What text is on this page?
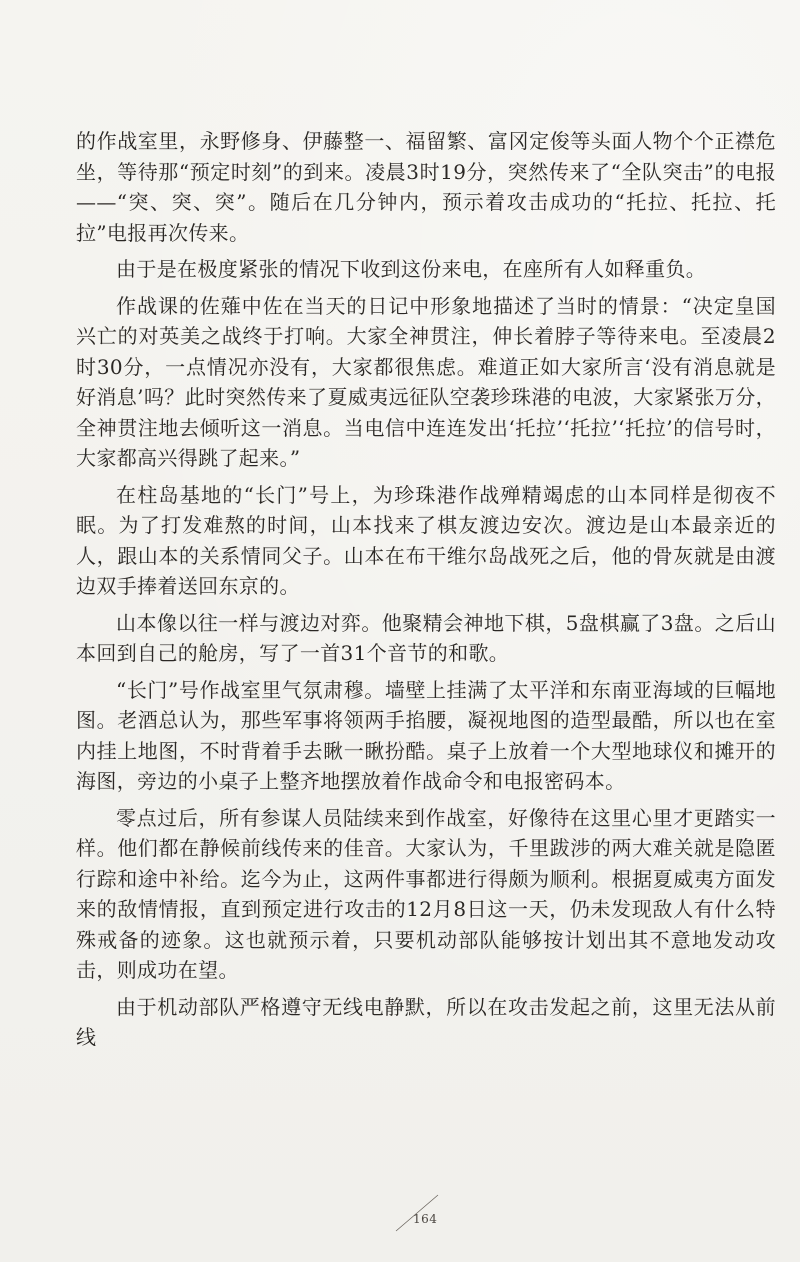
的作战室里，永野修身、伊藤整一、福留繁、富冈定俊等头面人物个个正襟危坐，等待那“预定时刻”的到来。凌晨3时19分，突然传来了“全队突击”的电报——“突、突、突”。随后在几分钟内，预示着攻击成功的“托拉、托拉、托拉”电报再次传来。

由于是在极度紧张的情况下收到这份来电，在座所有人如释重负。

作战课的佐薙中佐在当天的日记中形象地描述了当时的情景：“决定皇国兴亡的对英美之战终于打响。大家全神贯注，伸长着脖子等待来电。至凌晨2时30分，一点情况亦没有，大家都很焦虑。难道正如大家所言‘没有消息就是好消息’吗？此时突然传来了夏威夷远征队空袭珍珠港的电波，大家紧张万分，全神贯注地去倾听这一消息。当电信中连连发出‘托拉’‘托拉’‘托拉’的信号时，大家都高兴得跳了起来。”

在柱岛基地的“长门”号上，为珍珠港作战殚精竭虑的山本同样是彻夜不眠。为了打发难熬的时间，山本找来了棋友渡边安次。渡边是山本最亲近的人，跟山本的关系情同父子。山本在布干维尔岛战死之后，他的骨灰就是由渡边双手捧着送回东京的。

山本像以往一样与渡边对弈。他聚精会神地下棋，5盘棋赢了3盘。之后山本回到自己的舱房，写了一首31个音节的和歌。

“长门”号作战室里气氛肃穆。墙壁上挂满了太平洋和东南亚海域的巨幅地图。老酒总认为，那些军事将领两手掐腰，凝视地图的造型最酷，所以也在室内挂上地图，不时背着手去瞅一瞅扮酷。桌子上放着一个大型地球仪和摊开的海图，旁边的小桌子上整齐地摆放着作战命令和电报密码本。

零点过后，所有参谋人员陆续来到作战室，好像待在这里心里才更踏实一样。他们都在静候前线传来的佳音。大家认为，千里跋涉的两大难关就是隐匿行踪和途中补给。迄今为止，这两件事都进行得颇为顺利。根据夏威夷方面发来的敌情情报，直到预定进行攻击的12月8日这一天，仍未发现敌人有什么特殊戒备的迹象。这也就预示着，只要机动部队能够按计划出其不意地发动攻击，则成功在望。

由于机动部队严格遵守无线电静默，所以在攻击发起之前，这里无法从前线

164
